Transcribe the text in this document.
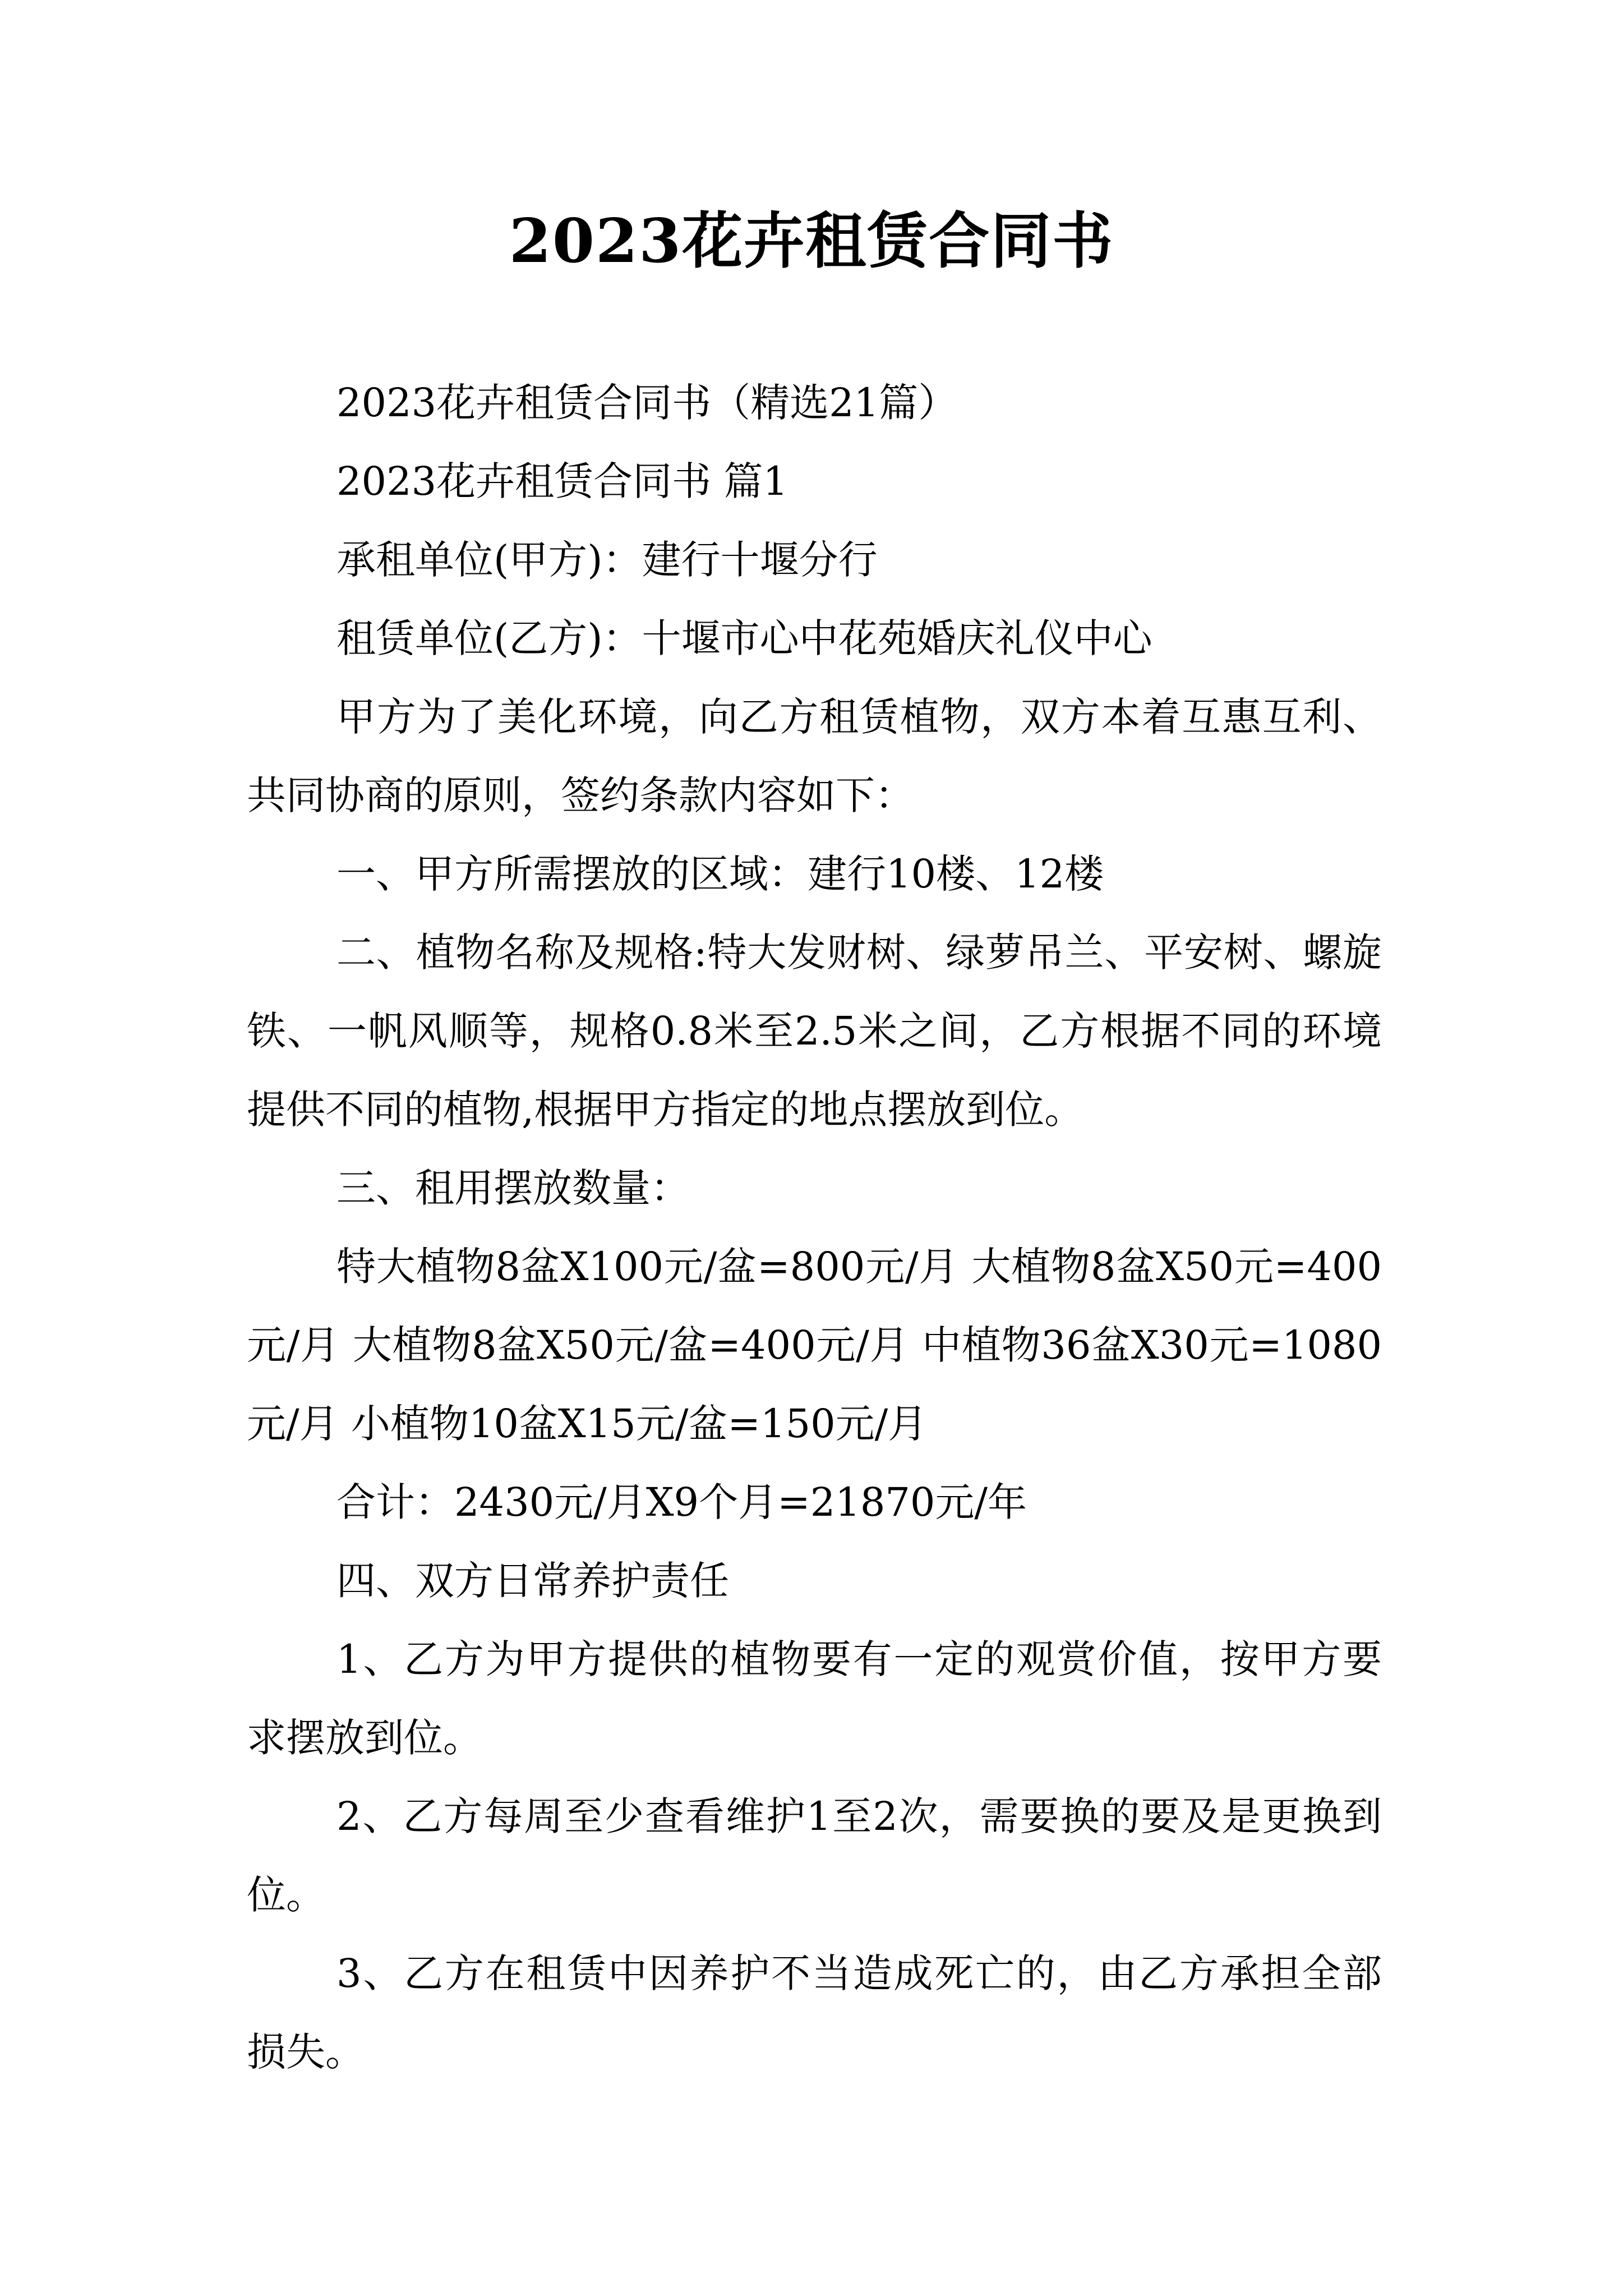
2023花卉租赁合同书

2023花卉租赁合同书（精选21篇）

2023花卉租赁合同书 篇1

承租单位(甲方)：建行十堰分行

租赁单位(乙方)：十堰市心中花苑婚庆礼仪中心

甲方为了美化环境，向乙方租赁植物，双方本着互惠互利、共同协商的原则，签约条款内容如下：

一、甲方所需摆放的区域：建行10楼、12楼

二、植物名称及规格:特大发财树、绿萝吊兰、平安树、螺旋铁、一帆风顺等，规格0.8米至2.5米之间，乙方根据不同的环境提供不同的植物,根据甲方指定的地点摆放到位。

三、租用摆放数量：

特大植物8盆X100元/盆=800元/月 大植物8盆X50元=400元/月 大植物8盆X50元/盆=400元/月 中植物36盆X30元=1080元/月 小植物10盆X15元/盆=150元/月

合计：2430元/月X9个月=21870元/年

四、双方日常养护责任

1、乙方为甲方提供的植物要有一定的观赏价值，按甲方要求摆放到位。

2、乙方每周至少查看维护1至2次，需要换的要及是更换到位。

3、乙方在租赁中因养护不当造成死亡的，由乙方承担全部损失。
